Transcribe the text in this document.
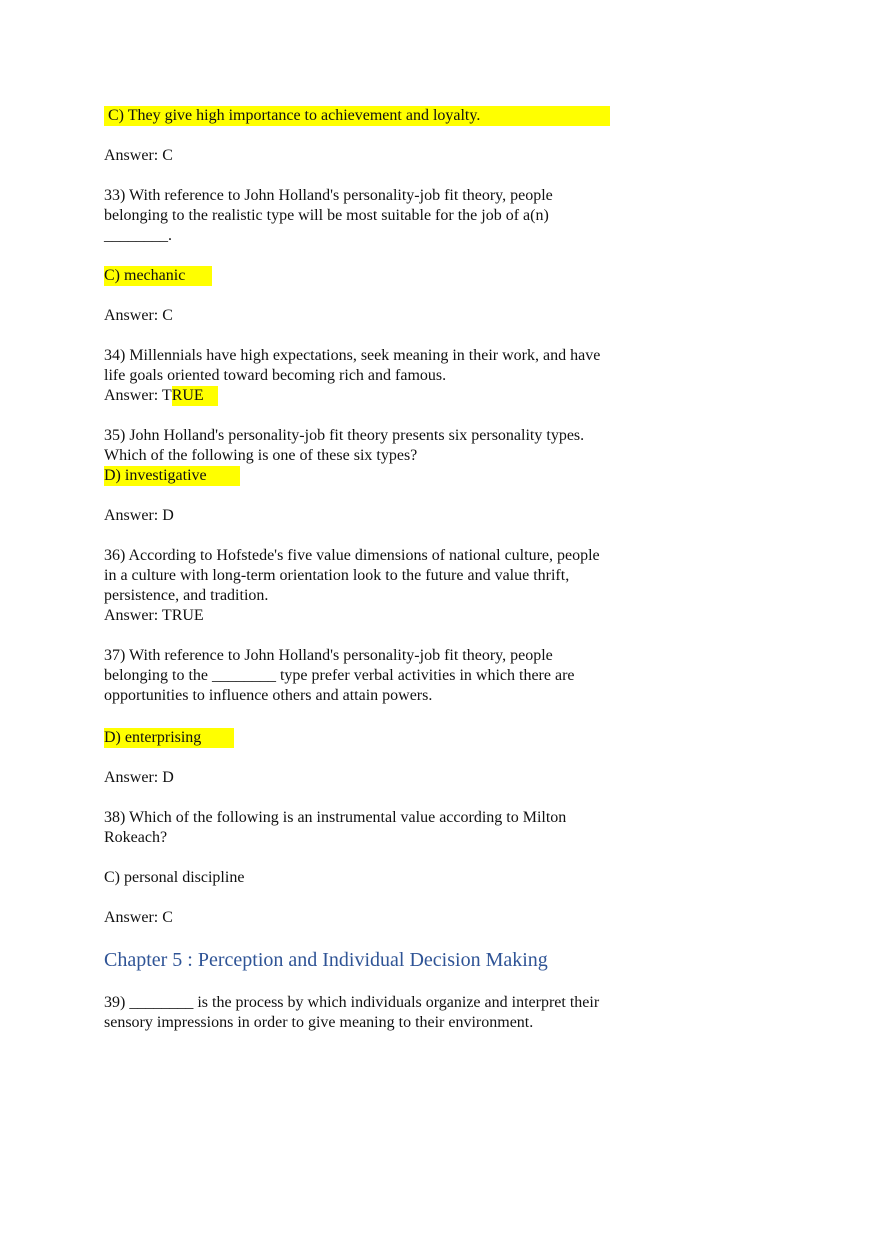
C) They give high importance to achievement and loyalty.

Answer: C

33) With reference to John Holland's personality-job fit theory, people

belonging to the realistic type will be most suitable for the job of a(n)

________.

C) mechanic

Answer: C

34) Millennials have high expectations, seek meaning in their work, and have

life goals oriented toward becoming rich and famous.

Answer: TRUE

35) John Holland's personality-job fit theory presents six personality types.

Which of the following is one of these six types?

D) investigative

Answer: D

36) According to Hofstede's five value dimensions of national culture, people

in a culture with long-term orientation look to the future and value thrift,

persistence, and tradition.

Answer: TRUE

37) With reference to John Holland's personality-job fit theory, people

belonging to the ________ type prefer verbal activities in which there are

opportunities to influence others and attain powers.

D) enterprising

Answer: D

38) Which of the following is an instrumental value according to Milton

Rokeach?

C) personal discipline

Answer: C

Chapter 5 : Perception and Individual Decision Making

39) ________ is the process by which individuals organize and interpret their

sensory impressions in order to give meaning to their environment.
